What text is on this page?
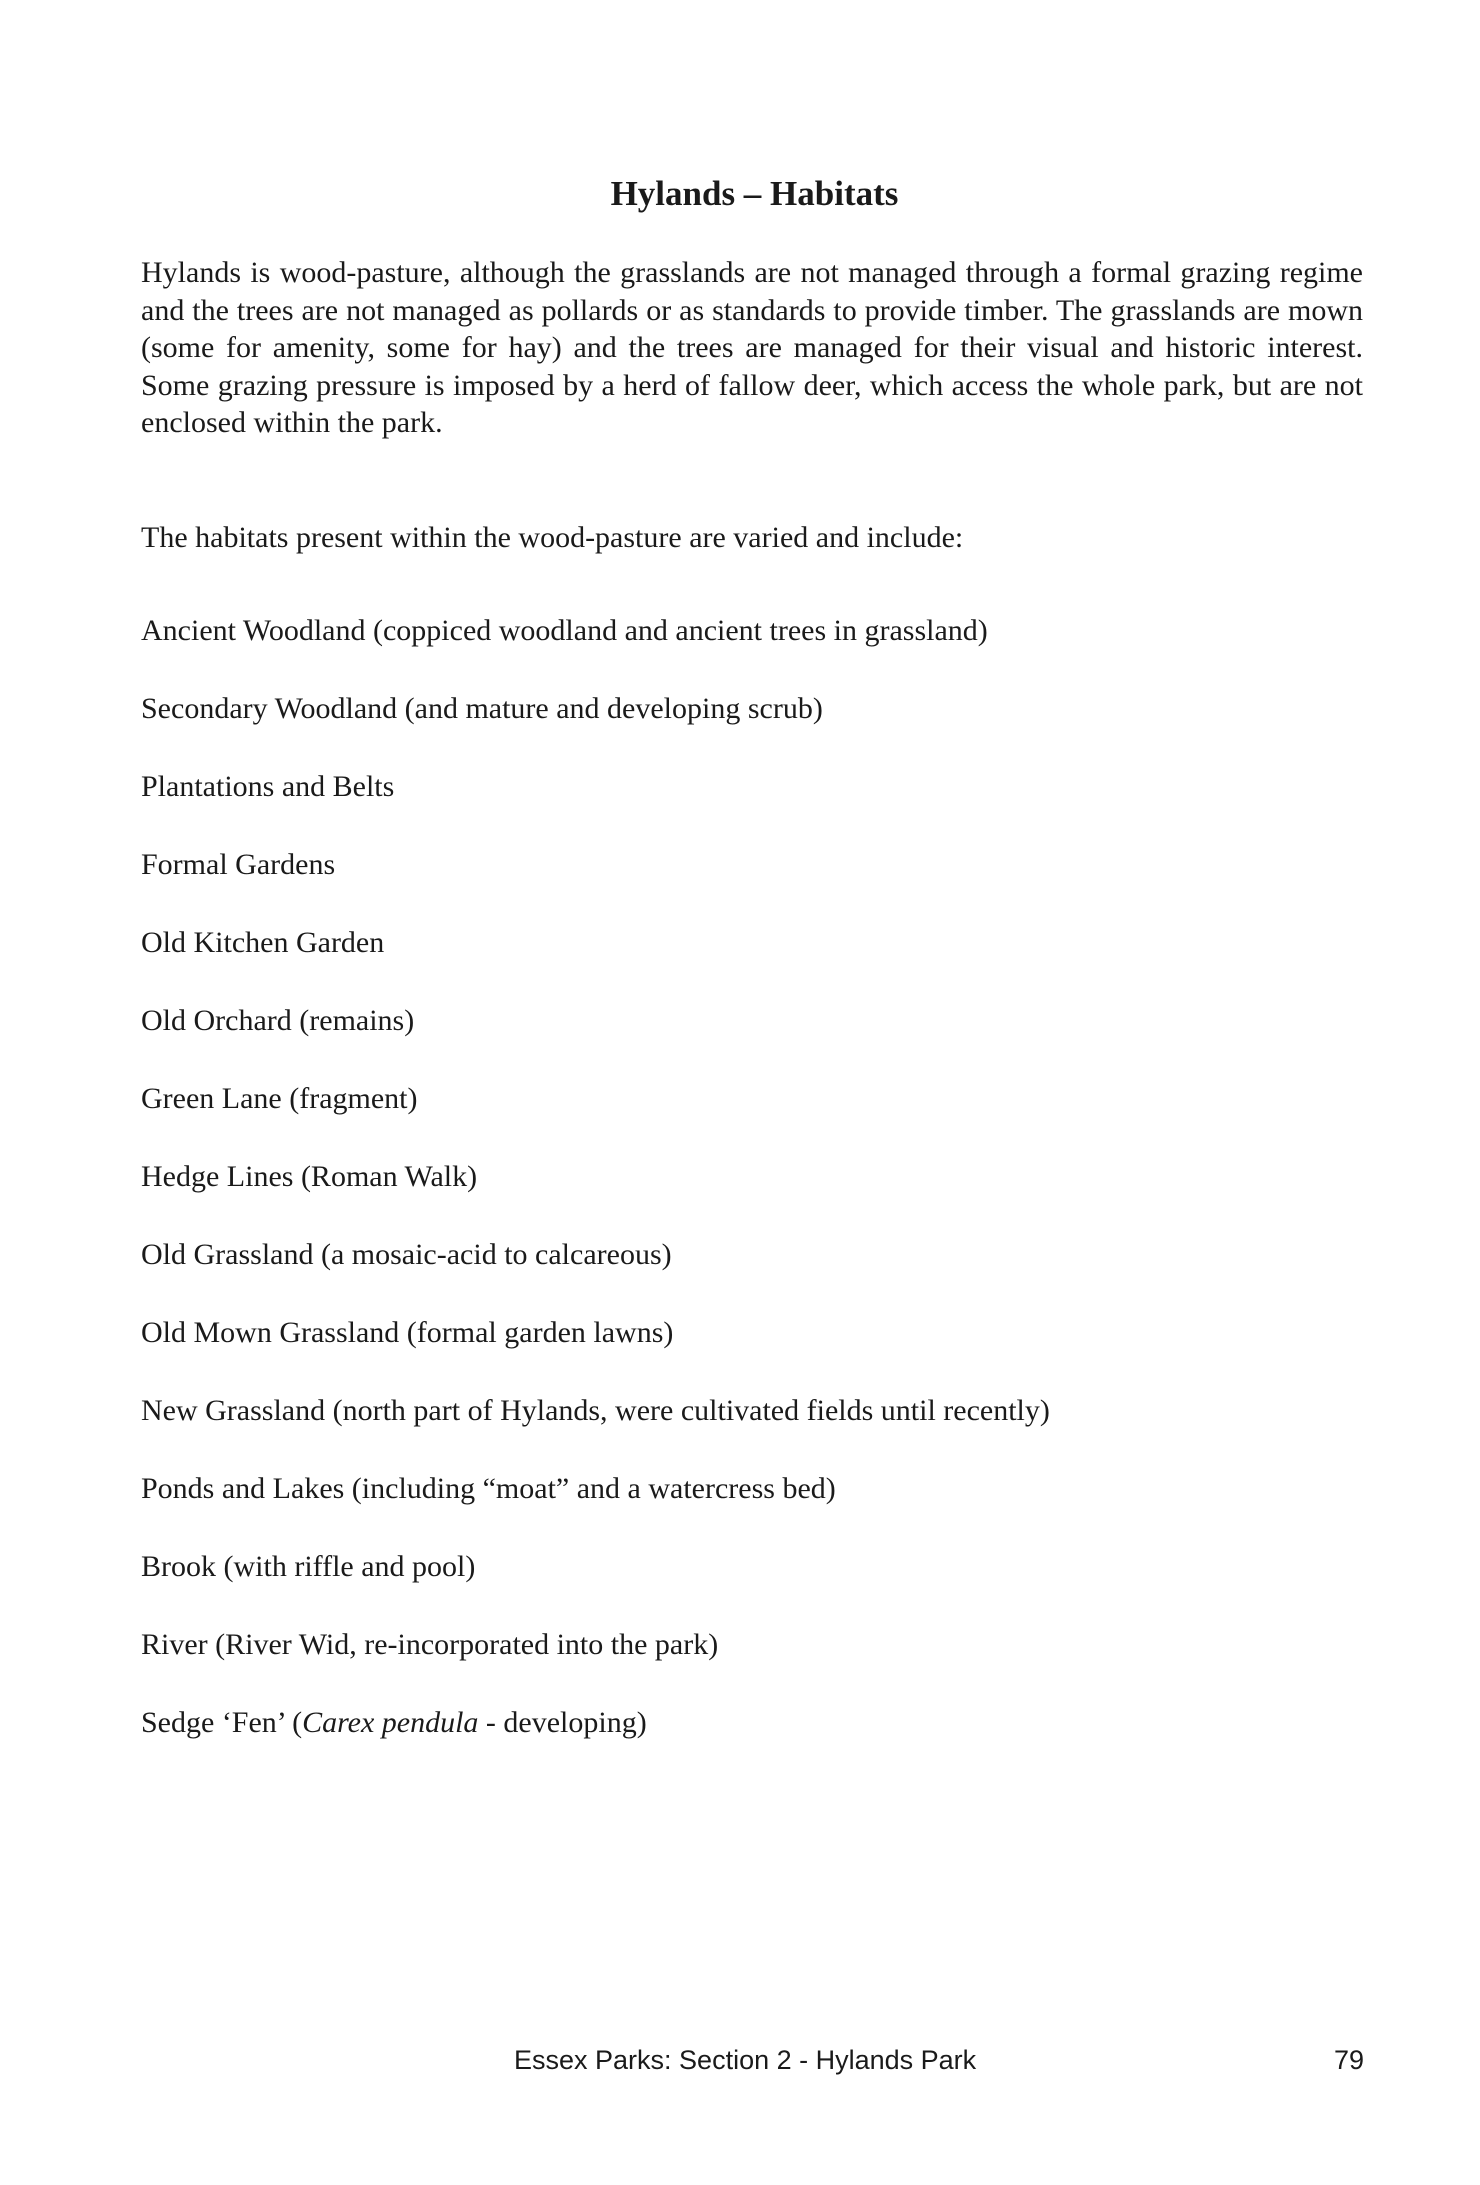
Hylands – Habitats

Hylands is wood-pasture, although the grasslands are not managed through a formal grazing regime and the trees are not managed as pollards or as standards to provide timber. The grasslands are mown (some for amenity, some for hay) and the trees are managed for their visual and historic interest. Some grazing pressure is imposed by a herd of fallow deer, which access the whole park, but are not enclosed within the park.

The habitats present within the wood-pasture are varied and include:

Ancient Woodland (coppiced woodland and ancient trees in grassland)
Secondary Woodland (and mature and developing scrub)
Plantations and Belts
Formal Gardens
Old Kitchen Garden
Old Orchard (remains)
Green Lane (fragment)
Hedge Lines (Roman Walk)
Old Grassland (a mosaic-acid to calcareous)
Old Mown Grassland (formal garden lawns)
New Grassland (north part of Hylands, were cultivated fields until recently)
Ponds and Lakes (including “moat” and a watercress bed)
Brook (with riffle and pool)
River (River Wid, re-incorporated into the park)
Sedge ‘Fen’ (Carex pendula - developing)
Essex Parks: Section 2 - Hylands Park	79
